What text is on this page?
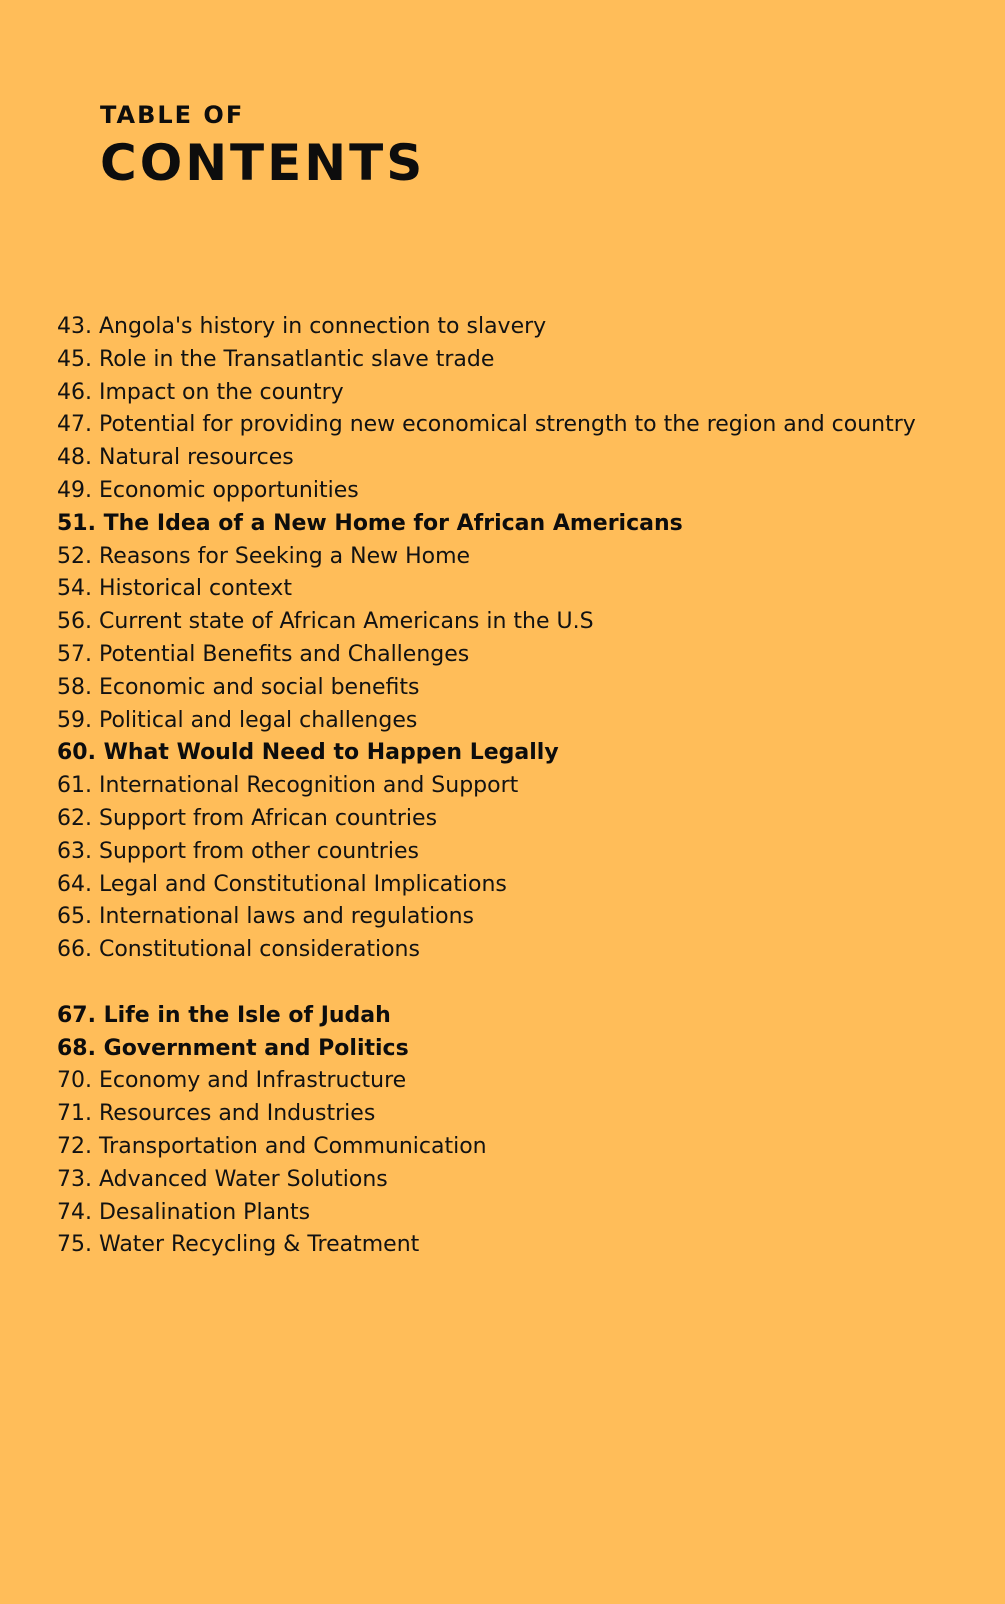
TABLE OF
CONTENTS
43. Angola's history in connection to slavery
45. Role in the Transatlantic slave trade
46. Impact on the country
47. Potential for providing new economical strength to the region and country
48. Natural resources
49. Economic opportunities
51. The Idea of a New Home for African Americans
52. Reasons for Seeking a New Home
54. Historical context
56. Current state of African Americans in the U.S
57. Potential Benefits and Challenges
58. Economic and social benefits
59. Political and legal challenges
60. What Would Need to Happen Legally
61. International Recognition and Support
62. Support from African countries
63. Support from other countries
64. Legal and Constitutional Implications
65. International laws and regulations
66. Constitutional considerations
67. Life in the Isle of Judah
68. Government and Politics
70. Economy and Infrastructure
71. Resources and Industries
72. Transportation and Communication
73. Advanced Water Solutions
74. Desalination Plants
75. Water Recycling & Treatment
